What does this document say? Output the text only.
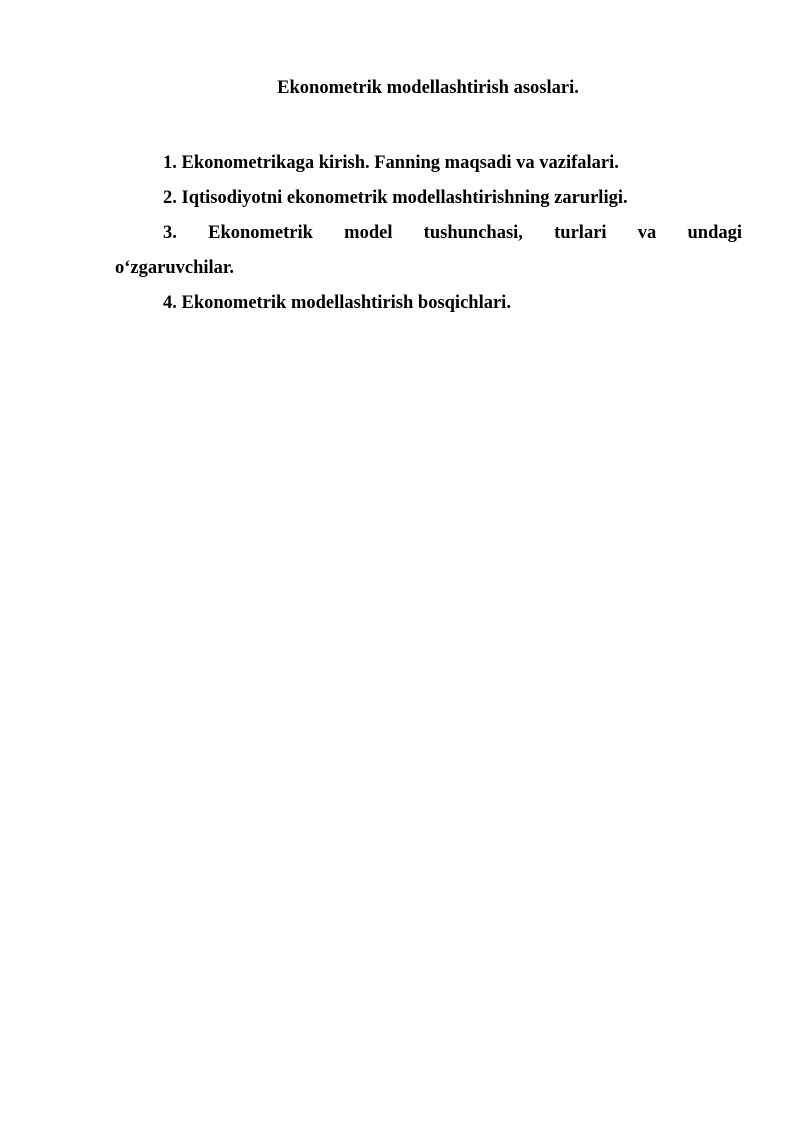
Ekonometrik modellashtirish asoslari.

1. Ekonometrikaga kirish. Fanning maqsadi va vazifalari.

2. Iqtisodiyotni ekonometrik modellashtirishning zarurligi.

3. Ekonometrik model tushunchasi, turlari va undagi
o‘zgaruvchilar.

4. Ekonometrik modellashtirish bosqichlari.
